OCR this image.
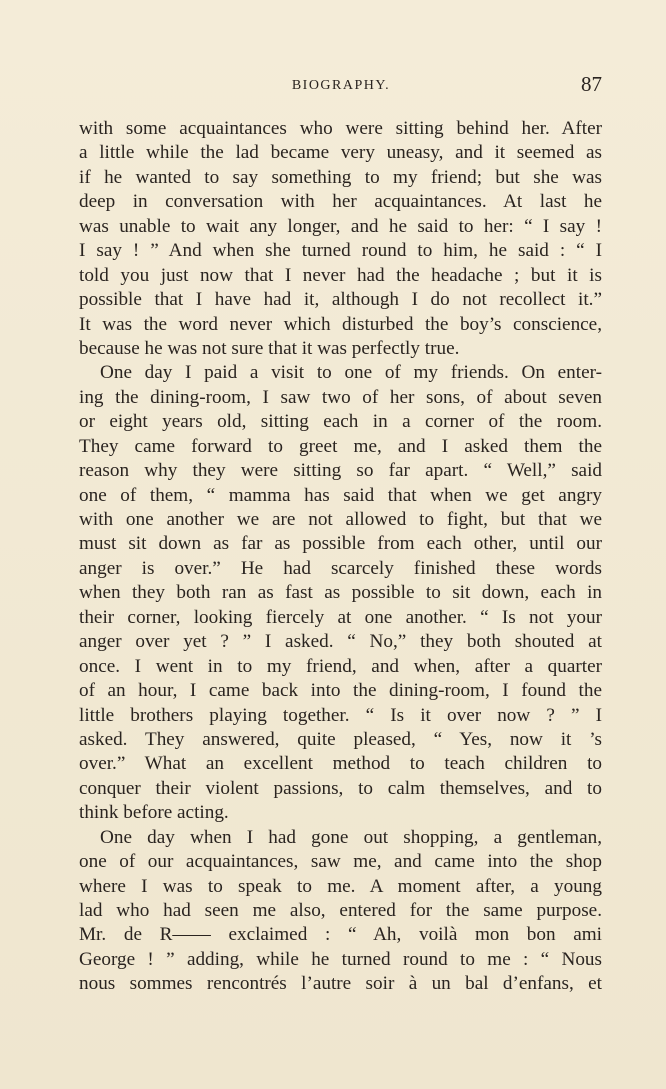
BIOGRAPHY.	87
with some acquaintances who were sitting behind her. After
a little while the lad became very uneasy, and it seemed as
if he wanted to say something to my friend; but she was
deep in conversation with her acquaintances. At last he
was unable to wait any longer, and he said to her: “ I say !
I say ! ” And when she turned round to him, he said : “ I
told you just now that I never had the headache ; but it is
possible that I have had it, although I do not recollect it.”
It was the word never which disturbed the boy’s conscience,
because he was not sure that it was perfectly true.
One day I paid a visit to one of my friends. On enter-
ing the dining-room, I saw two of her sons, of about seven
or eight years old, sitting each in a corner of the room.
They came forward to greet me, and I asked them the
reason why they were sitting so far apart. “ Well,” said
one of them, “ mamma has said that when we get angry
with one another we are not allowed to fight, but that we
must sit down as far as possible from each other, until our
anger is over.” He had scarcely finished these words
when they both ran as fast as possible to sit down, each in
their corner, looking fiercely at one another. “ Is not your
anger over yet ? ” I asked. “ No,” they both shouted at
once. I went in to my friend, and when, after a quarter
of an hour, I came back into the dining-room, I found the
little brothers playing together. “ Is it over now ? ” I
asked. They answered, quite pleased, “ Yes, now it ’s
over.” What an excellent method to teach children to
conquer their violent passions, to calm themselves, and to
think before acting.
One day when I had gone out shopping, a gentleman,
one of our acquaintances, saw me, and came into the shop
where I was to speak to me. A moment after, a young
lad who had seen me also, entered for the same purpose.
Mr. de R—— exclaimed : “ Ah, voilà mon bon ami
George ! ” adding, while he turned round to me : “ Nous
nous sommes rencontrés l’autre soir à un bal d’enfans, et
